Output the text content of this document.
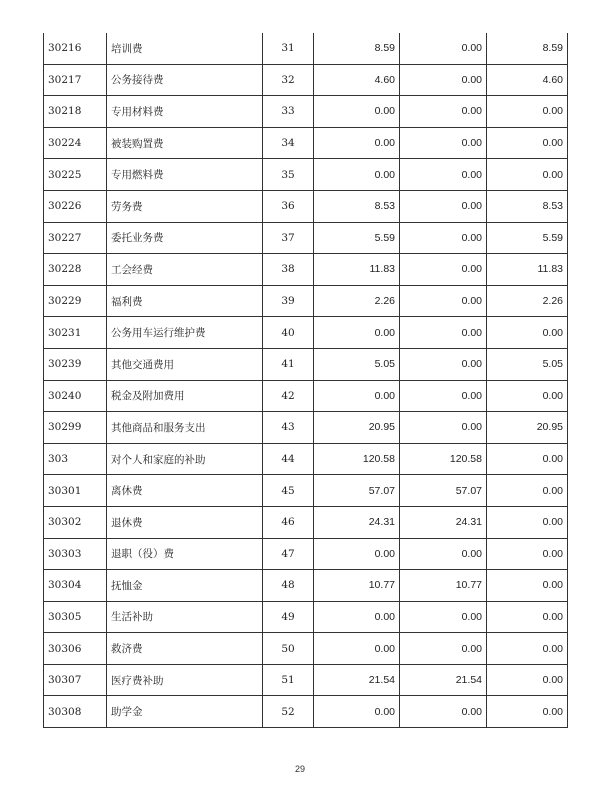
30216	培训费	31	8.59	0.00	8.59
30217	公务接待费	32	4.60	0.00	4.60
30218	专用材料费	33	0.00	0.00	0.00
30224	被装购置费	34	0.00	0.00	0.00
30225	专用燃料费	35	0.00	0.00	0.00
30226	劳务费	36	8.53	0.00	8.53
30227	委托业务费	37	5.59	0.00	5.59
30228	工会经费	38	11.83	0.00	11.83
30229	福利费	39	2.26	0.00	2.26
30231	公务用车运行维护费	40	0.00	0.00	0.00
30239	其他交通费用	41	5.05	0.00	5.05
30240	税金及附加费用	42	0.00	0.00	0.00
30299	其他商品和服务支出	43	20.95	0.00	20.95
303	对个人和家庭的补助	44	120.58	120.58	0.00
30301	离休费	45	57.07	57.07	0.00
30302	退休费	46	24.31	24.31	0.00
30303	退职（役）费	47	0.00	0.00	0.00
30304	抚恤金	48	10.77	10.77	0.00
30305	生活补助	49	0.00	0.00	0.00
30306	救济费	50	0.00	0.00	0.00
30307	医疗费补助	51	21.54	21.54	0.00
30308	助学金	52	0.00	0.00	0.00
29
